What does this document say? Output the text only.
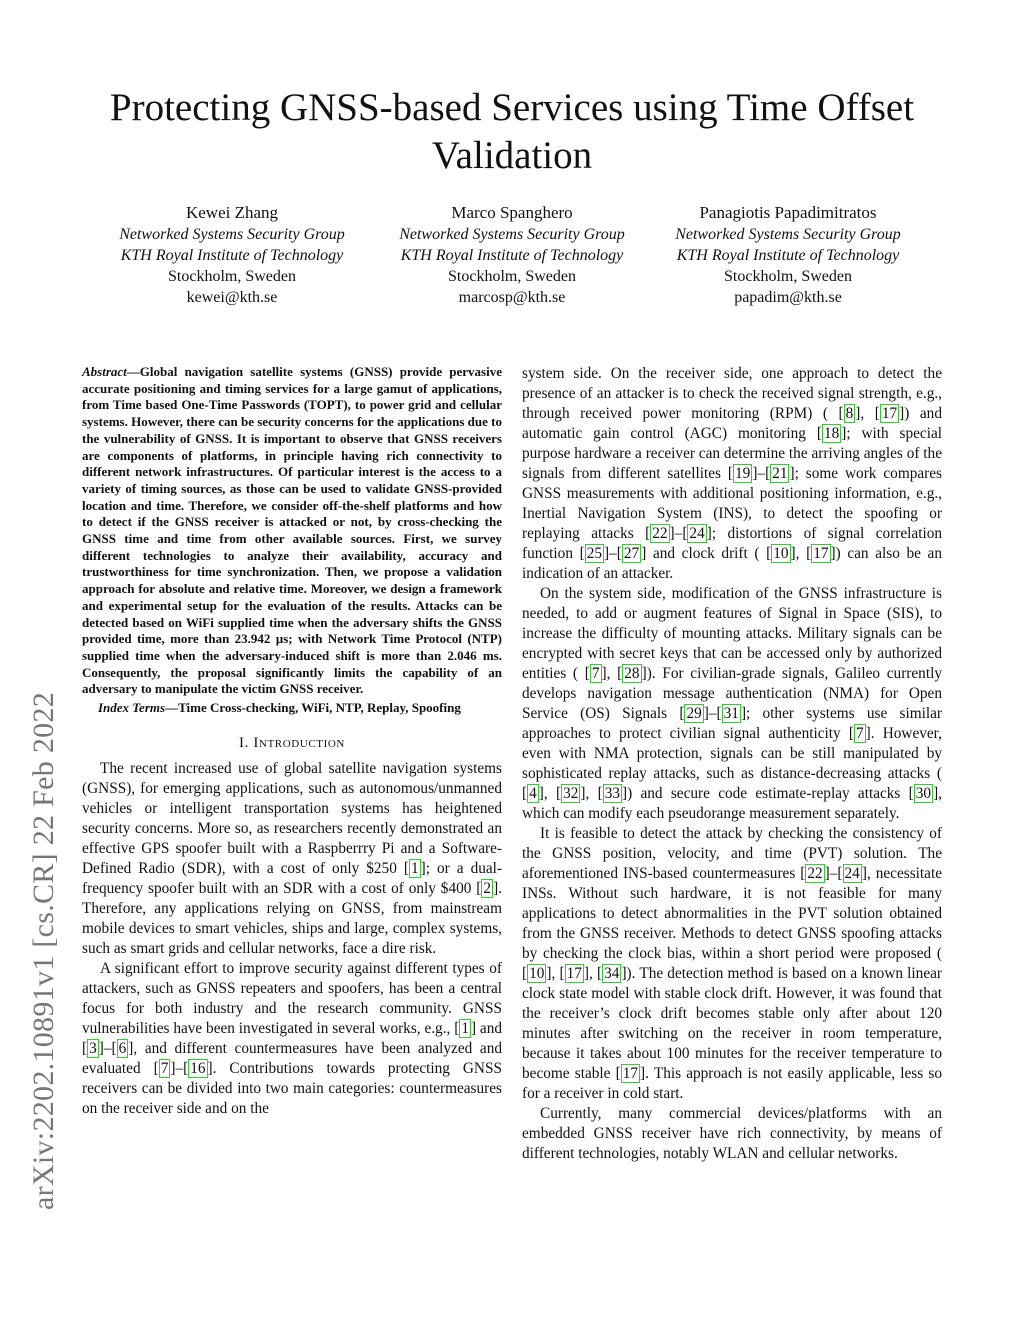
Protecting GNSS-based Services using Time Offset Validation
Kewei Zhang
Networked Systems Security Group
KTH Royal Institute of Technology
Stockholm, Sweden
kewei@kth.se
Marco Spanghero
Networked Systems Security Group
KTH Royal Institute of Technology
Stockholm, Sweden
marcosp@kth.se
Panagiotis Papadimitratos
Networked Systems Security Group
KTH Royal Institute of Technology
Stockholm, Sweden
papadim@kth.se
arXiv:2202.10891v1 [cs.CR] 22 Feb 2022

Abstract—Global navigation satellite systems (GNSS) provide pervasive accurate positioning and timing services for a large gamut of applications, from Time based One-Time Passwords (TOPT), to power grid and cellular systems. However, there can be security concerns for the applications due to the vulnerability of GNSS. It is important to observe that GNSS receivers are components of platforms, in principle having rich connectivity to different network infrastructures. Of particular interest is the access to a variety of timing sources, as those can be used to validate GNSS-provided location and time. Therefore, we consider off-the-shelf platforms and how to detect if the GNSS receiver is attacked or not, by cross-checking the GNSS time and time from other available sources. First, we survey different technologies to analyze their availability, accuracy and trustworthiness for time synchronization. Then, we propose a validation approach for absolute and relative time. Moreover, we design a framework and experimental setup for the evaluation of the results. Attacks can be detected based on WiFi supplied time when the adversary shifts the GNSS provided time, more than 23.942 µs; with Network Time Protocol (NTP) supplied time when the adversary-induced shift is more than 2.046 ms. Consequently, the proposal significantly limits the capability of an adversary to manipulate the victim GNSS receiver.

Index Terms—Time Cross-checking, WiFi, NTP, Replay, Spoofing

I. Introduction

The recent increased use of global satellite navigation systems (GNSS), for emerging applications, such as autonomous/unmanned vehicles or intelligent transportation systems has heightened security concerns. More so, as researchers recently demonstrated an effective GPS spoofer built with a Raspberrry Pi and a Software-Defined Radio (SDR), with a cost of only $250 [ 1 ]; or a dual-frequency spoofer built with an SDR with a cost of only $400 [ 2 ]. Therefore, any applications relying on GNSS, from mainstream mobile devices to smart vehicles, ships and large, complex systems, such as smart grids and cellular networks, face a dire risk.

A significant effort to improve security against different types of attackers, such as GNSS repeaters and spoofers, has been a central focus for both industry and the research community. GNSS vulnerabilities have been investigated in several works, e.g., [ 1 ] and [ 3 ]–[ 6 ], and different countermeasures have been analyzed and evaluated [ 7 ]–[ 16 ]. Contributions towards protecting GNSS receivers can be divided into two main categories: countermeasures on the receiver side and on the

system side. On the receiver side, one approach to detect the presence of an attacker is to check the received signal strength, e.g., through received power monitoring (RPM) ( [ 8 ], [ 17 ]) and automatic gain control (AGC) monitoring [ 18 ]; with special purpose hardware a receiver can determine the arriving angles of the signals from different satellites [ 19 ]–[ 21 ]; some work compares GNSS measurements with additional positioning information, e.g., Inertial Navigation System (INS), to detect the spoofing or replaying attacks [ 22 ]–[ 24 ]; distortions of signal correlation function [ 25 ]–[ 27 ] and clock drift ( [ 10 ], [ 17 ]) can also be an indication of an attacker.

On the system side, modification of the GNSS infrastructure is needed, to add or augment features of Signal in Space (SIS), to increase the difficulty of mounting attacks. Military signals can be encrypted with secret keys that can be accessed only by authorized entities ( [ 7 ], [ 28 ]). For civilian-grade signals, Galileo currently develops navigation message authentication (NMA) for Open Service (OS) Signals [ 29 ]–[ 31 ]; other systems use similar approaches to protect civilian signal authenticity [ 7 ]. However, even with NMA protection, signals can be still manipulated by sophisticated replay attacks, such as distance-decreasing attacks ( [ 4 ], [ 32 ], [ 33 ]) and secure code estimate-replay attacks [ 30 ], which can modify each pseudorange measurement separately.

It is feasible to detect the attack by checking the consistency of the GNSS position, velocity, and time (PVT) solution. The aforementioned INS-based countermeasures [ 22 ]–[ 24 ], necessitate INSs. Without such hardware, it is not feasible for many applications to detect abnormalities in the PVT solution obtained from the GNSS receiver. Methods to detect GNSS spoofing attacks by checking the clock bias, within a short period were proposed ( [ 10 ], [ 17 ], [ 34 ]). The detection method is based on a known linear clock state model with stable clock drift. However, it was found that the receiver’s clock drift becomes stable only after about 120 minutes after switching on the receiver in room temperature, because it takes about 100 minutes for the receiver temperature to become stable [ 17 ]. This approach is not easily applicable, less so for a receiver in cold start.

Currently, many commercial devices/platforms with an embedded GNSS receiver have rich connectivity, by means of different technologies, notably WLAN and cellular networks.
